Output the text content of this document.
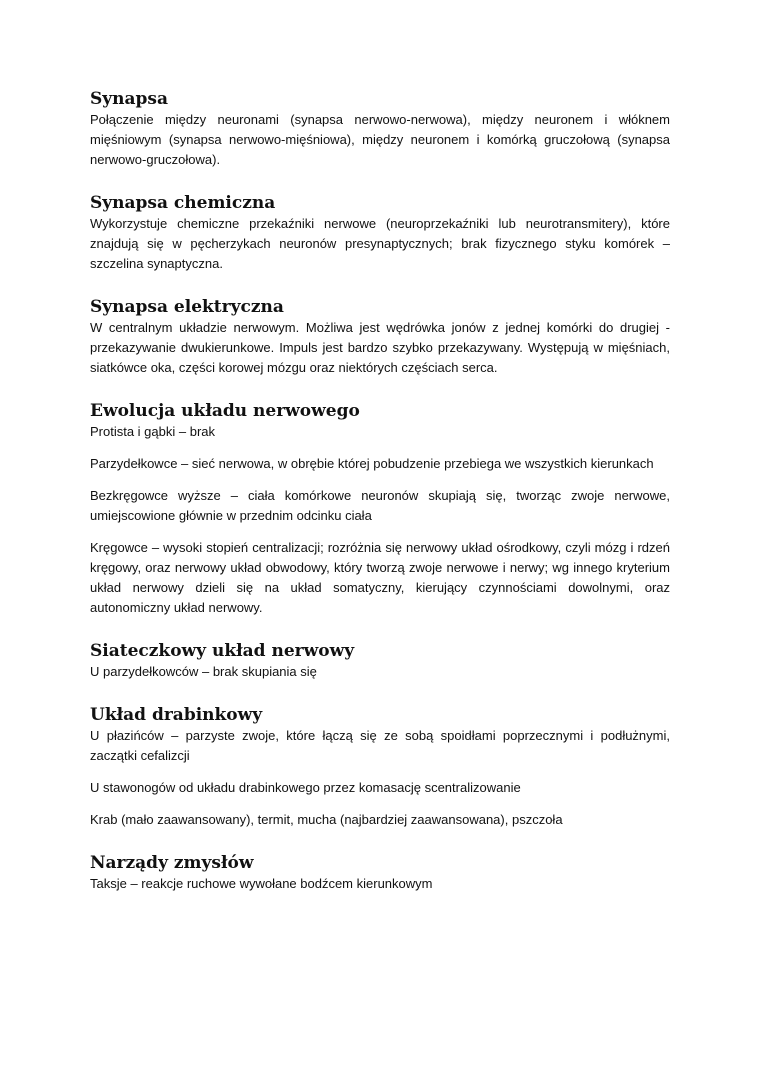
Synapsa

Połączenie między neuronami (synapsa nerwowo-nerwowa), między neuronem i włóknem mięśniowym (synapsa nerwowo-mięśniowa), między neuronem i komórką gruczołową (synapsa nerwowo-gruczołowa).

Synapsa chemiczna

Wykorzystuje chemiczne przekaźniki nerwowe (neuroprzekaźniki lub neurotransmitery), które znajdują się w pęcherzykach neuronów presynaptycznych; brak fizycznego styku komórek – szczelina synaptyczna.

Synapsa elektryczna

W centralnym układzie nerwowym. Możliwa jest wędrówka jonów z jednej komórki do drugiej - przekazywanie dwukierunkowe. Impuls jest bardzo szybko przekazywany. Występują w mięśniach, siatkówce oka, części korowej mózgu oraz niektórych częściach serca.

Ewolucja układu nerwowego

Protista i gąbki – brak

Parzydełkowce – sieć nerwowa, w obrębie której pobudzenie przebiega we wszystkich kierunkach

Bezkręgowce wyższe – ciała komórkowe neuronów skupiają się, tworząc zwoje nerwowe, umiejscowione głównie w przednim odcinku ciała

Kręgowce – wysoki stopień centralizacji; rozróżnia się nerwowy układ ośrodkowy, czyli mózg i rdzeń kręgowy, oraz nerwowy układ obwodowy, który tworzą zwoje nerwowe i nerwy; wg innego kryterium układ nerwowy dzieli się na układ somatyczny, kierujący czynnościami dowolnymi, oraz autonomiczny układ nerwowy.

Siateczkowy układ nerwowy

U parzydełkowców – brak skupiania się

Układ drabinkowy

U płazińców – parzyste zwoje, które łączą się ze sobą spoidłami poprzecznymi i podłużnymi, zaczątki cefalizcji

U stawonogów od układu drabinkowego przez komasację scentralizowanie

Krab (mało zaawansowany), termit, mucha (najbardziej zaawansowana), pszczoła

Narządy zmysłów

Taksje – reakcje ruchowe wywołane bodźcem kierunkowym
